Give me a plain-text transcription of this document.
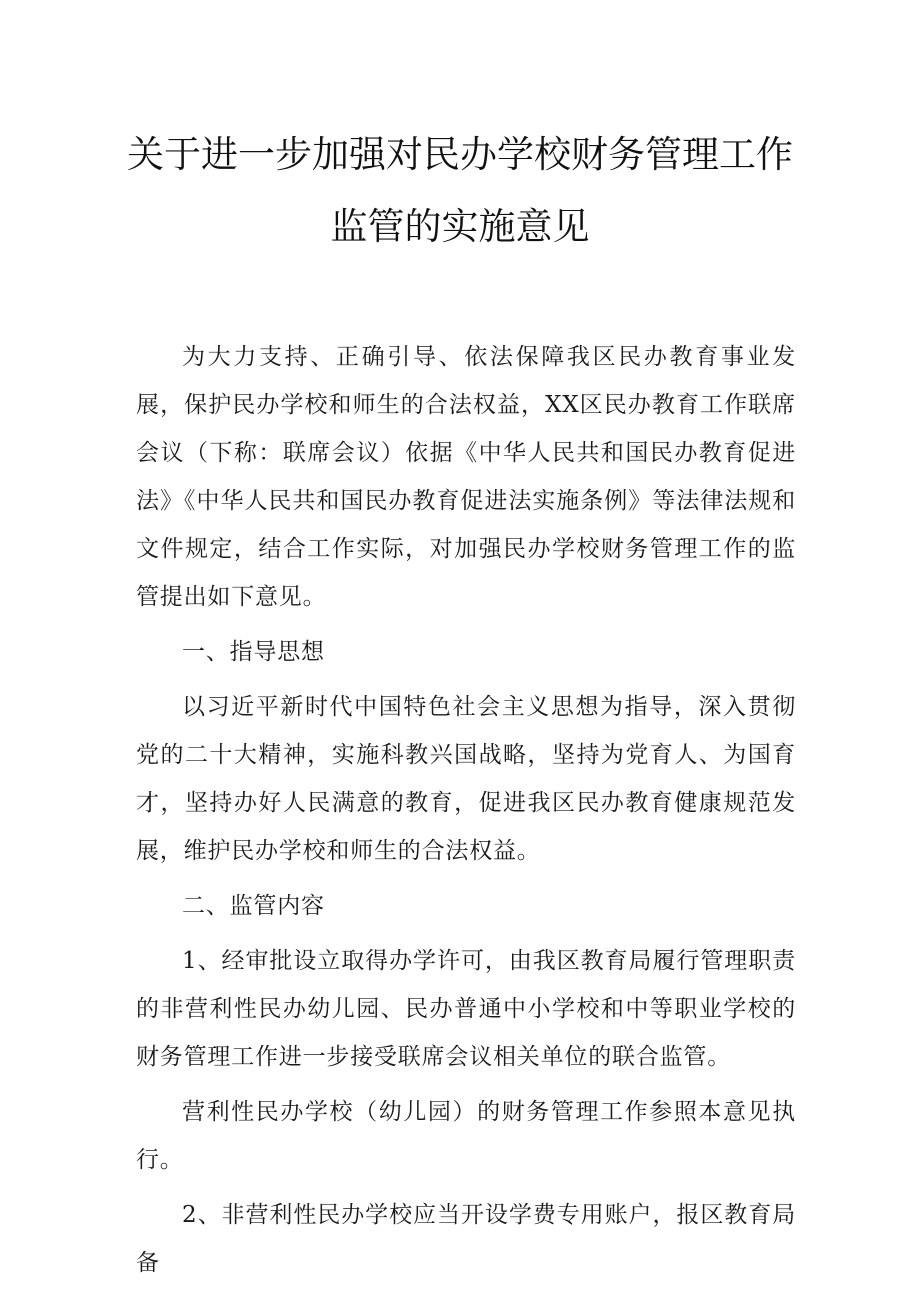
关于进一步加强对民办学校财务管理工作
监管的实施意见

为大力支持、正确引导、依法保障我区民办教育事业发展，保护民办学校和师生的合法权益，XX区民办教育工作联席会议（下称：联席会议）依据《中华人民共和国民办教育促进法》《中华人民共和国民办教育促进法实施条例》等法律法规和文件规定，结合工作实际，对加强民办学校财务管理工作的监管提出如下意见。

一、指导思想

以习近平新时代中国特色社会主义思想为指导，深入贯彻党的二十大精神，实施科教兴国战略，坚持为党育人、为国育才，坚持办好人民满意的教育，促进我区民办教育健康规范发展，维护民办学校和师生的合法权益。

二、监管内容

1、经审批设立取得办学许可，由我区教育局履行管理职责的非营利性民办幼儿园、民办普通中小学校和中等职业学校的财务管理工作进一步接受联席会议相关单位的联合监管。

营利性民办学校（幼儿园）的财务管理工作参照本意见执行。

2、非营利性民办学校应当开设学费专用账户，报区教育局备
